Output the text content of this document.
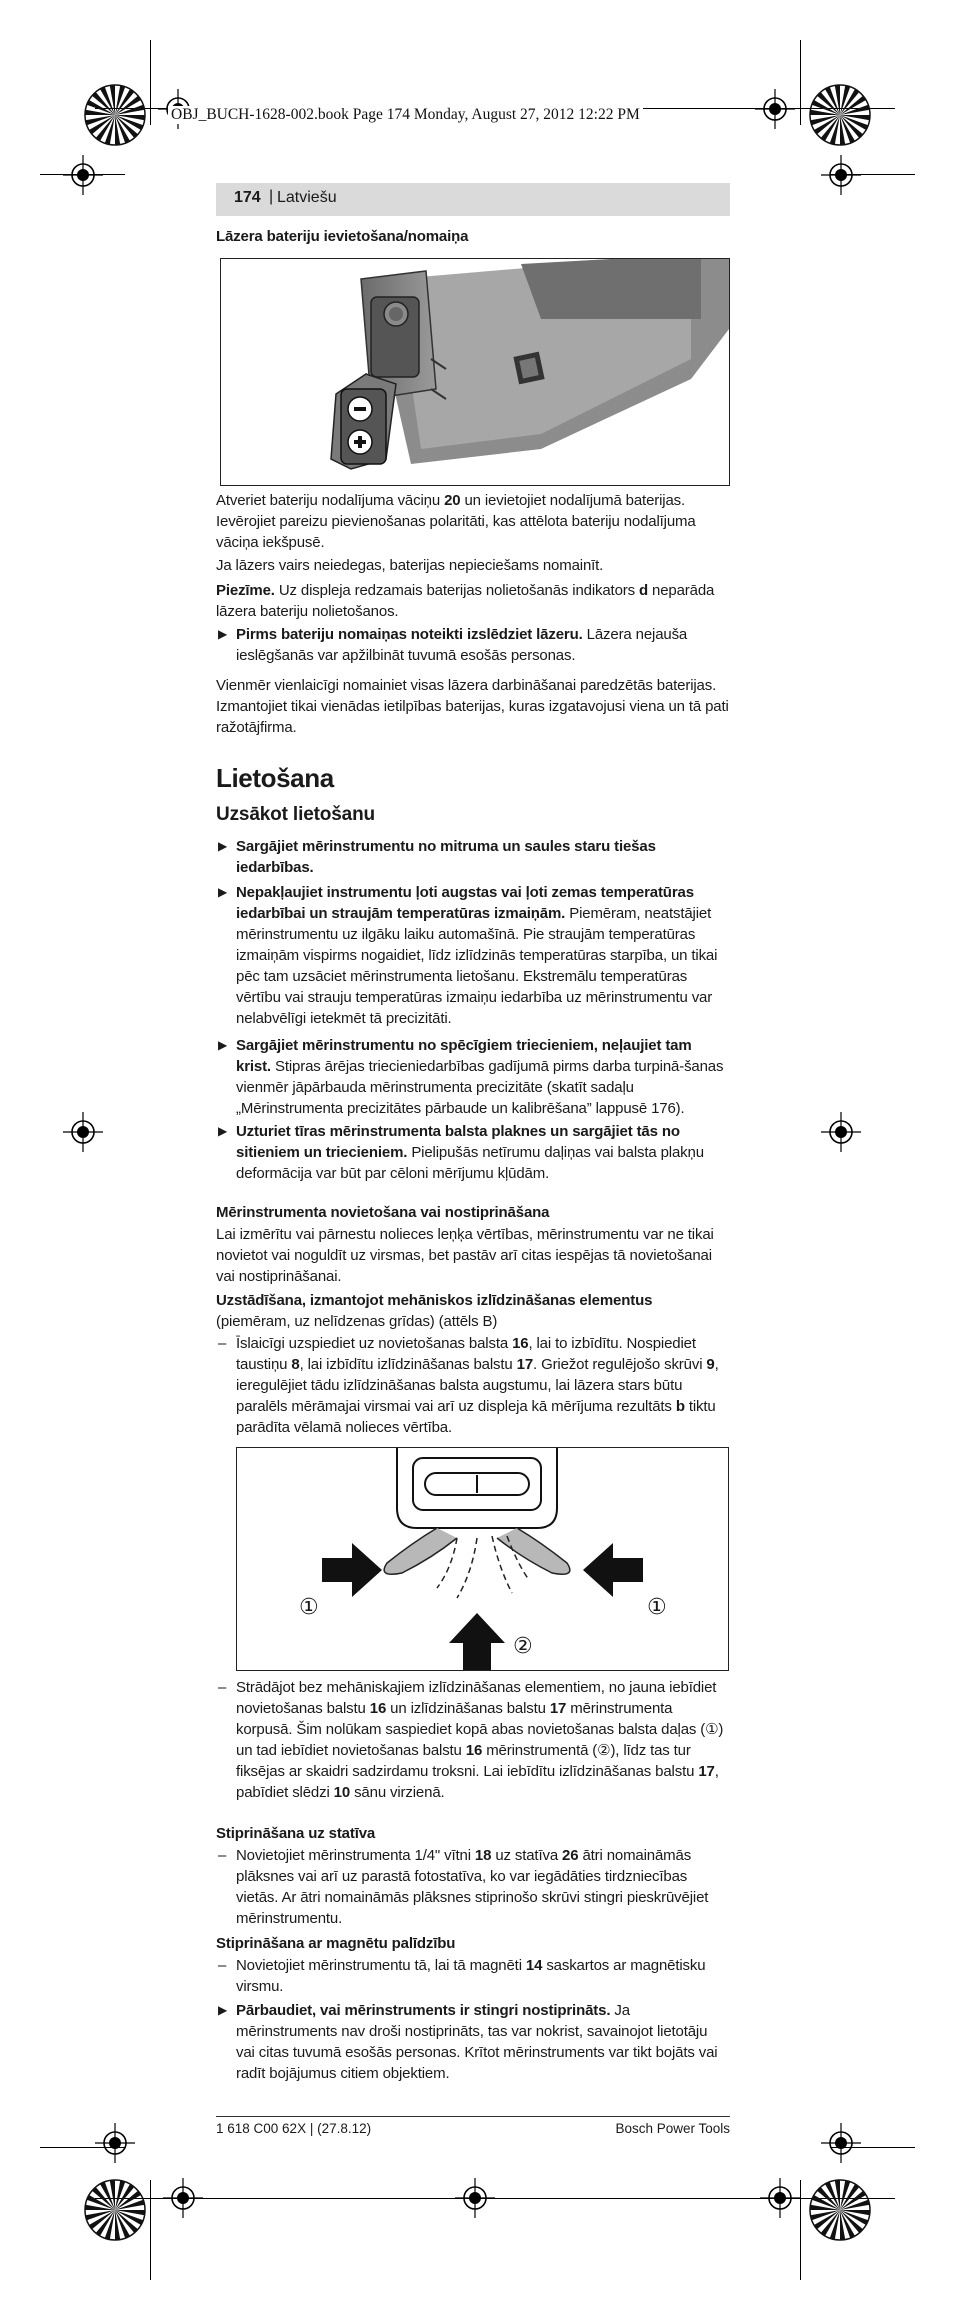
OBJ_BUCH-1628-002.book Page 174 Monday, August 27, 2012 12:22 PM
174 | Latviešu
Lāzera bateriju ievietošana/nomaiņa
Atveriet bateriju nodalījuma vāciņu 20 un ievietojiet nodalījumā baterijas. Ievērojiet pareizu pievienošanas polaritāti, kas attēlota bateriju nodalījuma vāciņa iekšpusē.
Ja lāzers vairs neiedegas, baterijas nepieciešams nomainīt.
Piezīme. Uz displeja redzamais baterijas nolietošanās indikators d neparāda lāzera bateriju nolietošanos.
▶ Pirms bateriju nomaiņas noteikti izslēdziet lāzeru. Lāzera nejauša ieslēgšanās var apžilbināt tuvumā esošās personas.
Vienmēr vienlaicīgi nomainiet visas lāzera darbināšanai paredzētās baterijas. Izmantojiet tikai vienādas ietilpības baterijas, kuras izgatavojusi viena un tā pati ražotājfirma.
Lietošana
Uzsākot lietošanu
▶ Sargājiet mērinstrumentu no mitruma un saules staru tiešas iedarbības.
▶ Nepakļaujiet instrumentu ļoti augstas vai ļoti zemas temperatūras iedarbībai un straujām temperatūras izmaiņām. Piemēram, neatstājiet mērinstrumentu uz ilgāku laiku automašīnā. Pie straujām temperatūras izmaiņām vispirms nogaidiet, līdz izlīdzinās temperatūras starpība, un tikai pēc tam uzsāciet mērinstrumenta lietošanu. Ekstremālu temperatūras vērtību vai strauju temperatūras izmaiņu iedarbība uz mērinstrumentu var nelabvēlīgi ietekmēt tā precizitāti.
▶ Sargājiet mērinstrumentu no spēcīgiem triecieniem, neļaujiet tam krist. Stipras ārējas triecieniedarbības gadījumā pirms darba turpinā-šanas vienmēr jāpārbauda mērinstrumenta precizitāte (skatīt sadaļu „Mērinstrumenta precizitātes pārbaude un kalibrēšana” lappusē 176).
▶ Uzturiet tīras mērinstrumenta balsta plaknes un sargājiet tās no sitieniem un triecieniem. Pielipušās netīrumu daļiņas vai balsta plakņu deformācija var būt par cēloni mērījumu kļūdām.
Mērinstrumenta novietošana vai nostiprināšana
Lai izmērītu vai pārnestu nolieces leņķa vērtības, mērinstrumentu var ne tikai novietot vai noguldīt uz virsmas, bet pastāv arī citas iespējas tā novietošanai vai nostiprināšanai.
Uzstādīšana, izmantojot mehāniskos izlīdzināšanas elementus
(piemēram, uz nelīdzenas grīdas) (attēls B)
– Īslaicīgi uzspiediet uz novietošanas balsta 16, lai to izbīdītu. Nospiediet taustiņu 8, lai izbīdītu izlīdzināšanas balstu 17. Griežot regulējošo skrūvi 9, ieregulējiet tādu izlīdzināšanas balsta augstumu, lai lāzera stars būtu paralēls mērāmajai virsmai vai arī uz displeja kā mērījuma rezultāts b tiktu parādīta vēlamā nolieces vērtība.
①	①
②
– Strādājot bez mehāniskajiem izlīdzināšanas elementiem, no jauna iebīdiet novietošanas balstu 16 un izlīdzināšanas balstu 17 mērinstrumenta korpusā. Šim nolūkam saspiediet kopā abas novietošanas balsta daļas (①) un tad iebīdiet novietošanas balstu 16 mērinstrumentā (②), līdz tas tur fiksējas ar skaidri sadzirdamu troksni. Lai iebīdītu izlīdzināšanas balstu 17, pabīdiet slēdzi 10 sānu virzienā.
Stiprināšana uz statīva
– Novietojiet mērinstrumenta 1/4" vītni 18 uz statīva 26 ātri nomaināmās plāksnes vai arī uz parastā fotostatīva, ko var iegādāties tirdzniecības vietās. Ar ātri nomaināmās plāksnes stiprinošo skrūvi stingri pieskrūvējiet mērinstrumentu.
Stiprināšana ar magnētu palīdzību
– Novietojiet mērinstrumentu tā, lai tā magnēti 14 saskartos ar magnētisku virsmu.
▶ Pārbaudiet, vai mērinstruments ir stingri nostiprināts. Ja mērinstruments nav droši nostiprināts, tas var nokrist, savainojot lietotāju vai citas tuvumā esošās personas. Krītot mērinstruments var tikt bojāts vai radīt bojājumus citiem objektiem.
1 618 C00 62X | (27.8.12)	Bosch Power Tools
